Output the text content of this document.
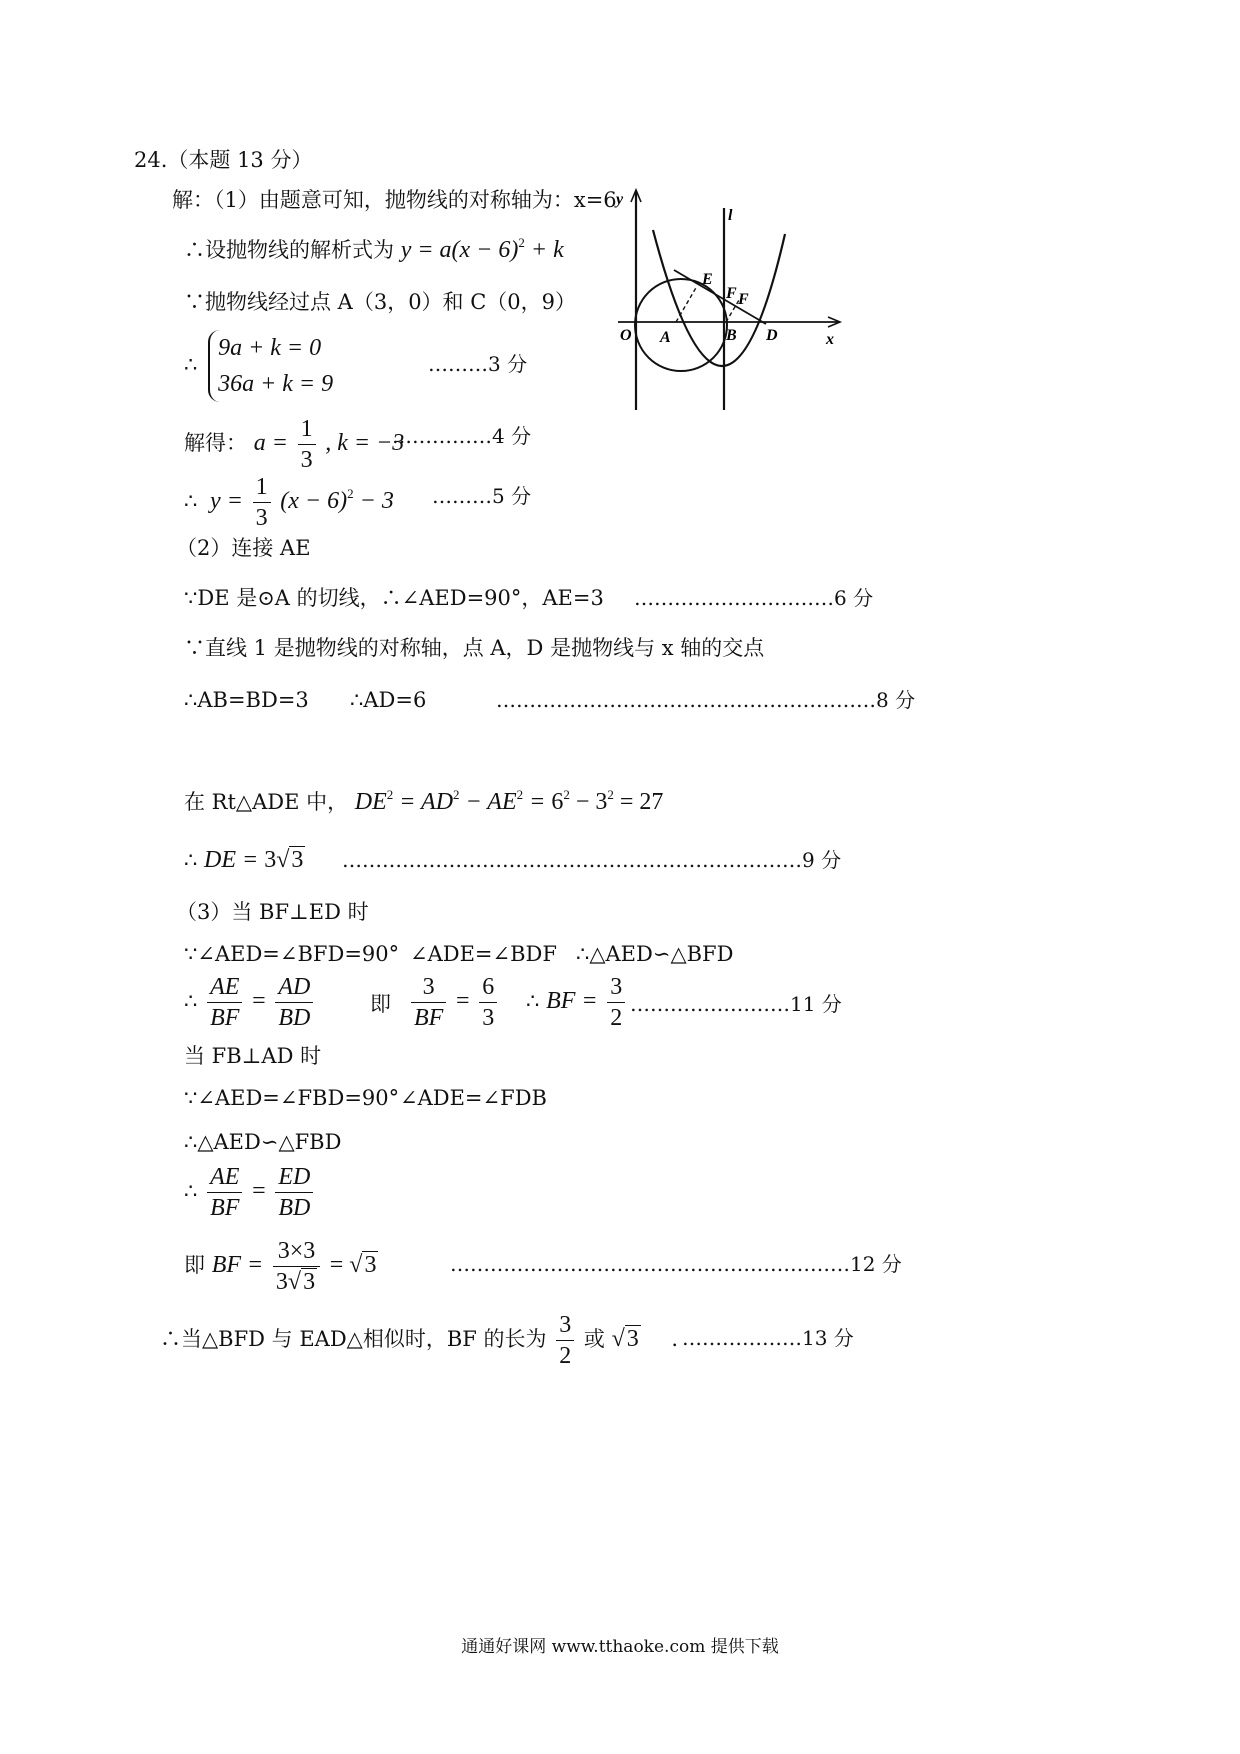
24.（本题 13 分）
解：（1）由题意可知，抛物线的对称轴为：x=6
∴设抛物线的解析式为 $y = a(x - 6)^2 + k$
∵抛物线经过点 A（3，0）和 C（0，9）
∴
9a + k = 0
36a + k = 9
………3 分
解得： $a = \frac{1}{3}$ , k = −3
……………4 分
∴  $y = \frac{1}{3} (x - 6)^2 - 3$ ………5 分
（2）连接 AE
∵DE 是⊙A 的切线，∴∠AED=90°，AE=3 …………………………6 分
∵直线 1 是抛物线的对称轴，点 A，D 是抛物线与 x 轴的交点
∴AB=BD=3 ∴AD=6	…………………………………………………8 分
在 Rt△ADE 中， $DE^2 = AD^2 - AE^2 = 6^2 - 3^2 = 27$
∴ DE = 3√3 ……………………………………………………………9 分
（3）当 BF⊥ED 时
∵∠AED=∠BFD=90° ∠ADE=∠BDF ∴△AED∽△BFD
∴ $\frac{AE}{BF} = \frac{AD}{BD}$	即 $\frac{3}{BF} = \frac{6}{3}$ ∴ BF = $\frac{3}{2}$ ……………………11 分
当 FB⊥AD 时
∵∠AED=∠FBD=90° ∠ADE=∠FDB
∴△AED∽△FBD
∴ $\frac{AE}{BF} = \frac{ED}{BD}$
即 BF = $\frac{3\times 3}{3√3} = √3$	……………………………………………………12 分
∴当△BFD 与 EAD△相似时，BF 的长为 $\frac{3}{2}$ 或 √3 . ………………13 分
y
l
E
F F
O A	B D	x
通通好课网 www.tthaoke.com 提供下载
